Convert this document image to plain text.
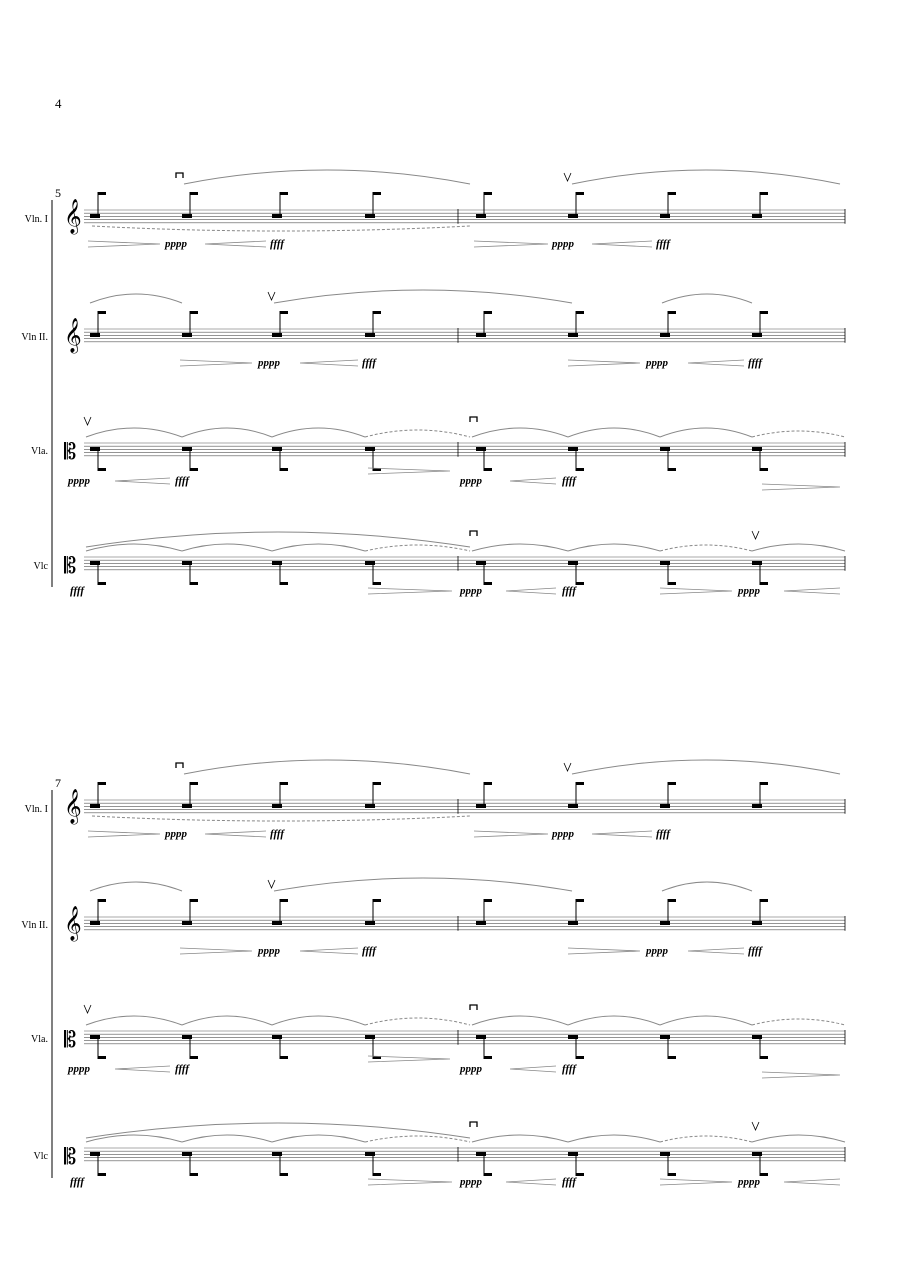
4
5
7
Vln. I
Vln II.
Vla.
Vlc
Vln. I
Vln II.
Vla.
Vlc
𝄞
𝄞
𝄡
𝄡
pppp	ffff	pppp	ffff
pppp	ffff	pppp	ffff
pppp	ffff	pppp	ffff
ffff	pppp	ffff	pppp
𝄞
𝄞
𝄡
𝄡
pppp	ffff	pppp	ffff
pppp	ffff	pppp	ffff
pppp	ffff	pppp	ffff
ffff	pppp	ffff	pppp
